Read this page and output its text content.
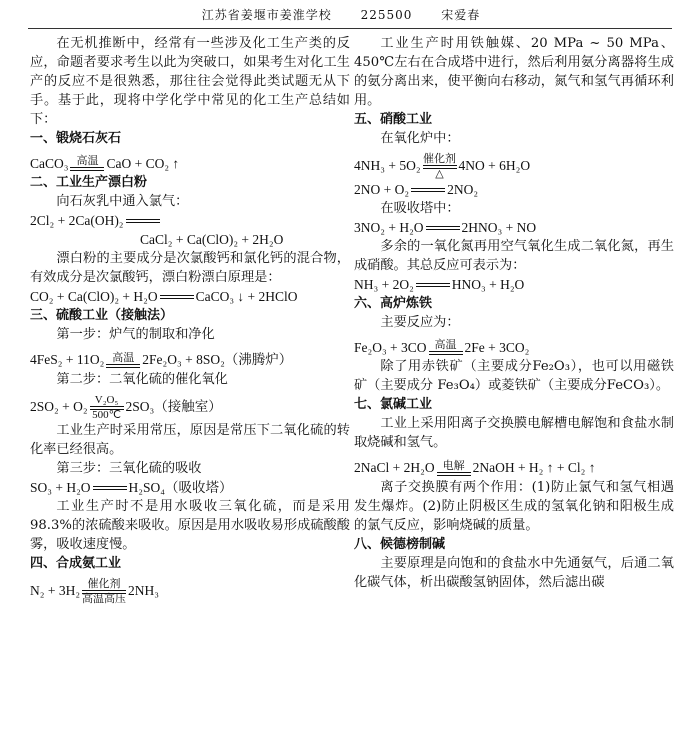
江苏省姜堰市姜淮学校 225500 宋爱春

在无机推断中，经常有一些涉及化工生产类的反应，命题者要求考生以此为突破口，如果考生对化工生产的反应不是很熟悉，那往往会觉得此类试题无从下手。基于此，现将中学化学中常见的化工生产总结如下：

一、锻烧石灰石

CaCO₃ 高温 CaO + CO₂ ↑

二、工业生产漂白粉

向石灰乳中通入氯气：

2Cl₂ + 2Ca(OH)₂

CaCl₂ + Ca(ClO)₂ + 2H₂O

漂白粉的主要成分是次氯酸钙和氯化钙的混合物，有效成分是次氯酸钙，漂白粉漂白原理是：

CO₂ + Ca(ClO)₂ + H₂O	CaCO₃ ↓ + 2HClO

三、硫酸工业（接触法）

第一步：炉气的制取和净化

4FeS₂ + 11O₂ 高温 2Fe₂O₃ + 8SO₂（沸腾炉）

第二步：二氧化硫的催化氧化

$2SO_2 + O_2 \frac{\text{V₂O₅}}{500℃} 2SO_3$（接触室）

工业生产时采用常压，原因是常压下二氧化硫的转化率已经很高。

第三步：三氧化硫的吸收

SO₃ + H₂O	H₂SO₄（吸收塔）

工业生产时不是用水吸收三氧化硫，而是采用98.3%的浓硫酸来吸收。原因是用水吸收易形成硫酸酸雾，吸收速度慢。

四、合成氨工业

N₂ + 3H₂ 催化剂
高温高压
2NH₃

工业生产时用铁触媒、20 MPa ~ 50 MPa、450℃左右在合成塔中进行，然后利用氨分离器将生成的氨分离出来，使平衡向右移动，氮气和氢气再循环利用。

五、硝酸工业

在氧化炉中：

4NH₃ + 5O₂ 催化剂
△
4NO + 6H₂O

2NO + O₂	2NO₂

在吸收塔中：

3NO₂ + H₂O	2HNO₃ + NO

多余的一氧化氮再用空气氧化生成二氧化氮，再生成硝酸。其总反应可表示为：

NH₃ + 2O₂	HNO₃ + H₂O

六、高炉炼铁

主要反应为：

Fe₂O₃ + 3CO 高温 2Fe + 3CO₂

除了用赤铁矿（主要成分Fe₂O₃），也可以用磁铁矿（主要成分 Fe₃O₄）或菱铁矿（主要成分FeCO₃）。

七、氯碱工业

工业上采用阳离子交换膜电解槽电解饱和食盐水制取烧碱和氢气。

2NaCl + 2H₂O 电解 2NaOH + H₂ ↑ + Cl₂ ↑

离子交换膜有两个作用：(1)防止氯气和氢气相遇发生爆炸。(2)防止阴极区生成的氢氧化钠和阳极生成的氯气反应，影响烧碱的质量。

八、候德榜制碱

主要原理是向饱和的食盐水中先通氨气，后通二氧化碳气体，析出碳酸氢钠固体，然后滤出碳
